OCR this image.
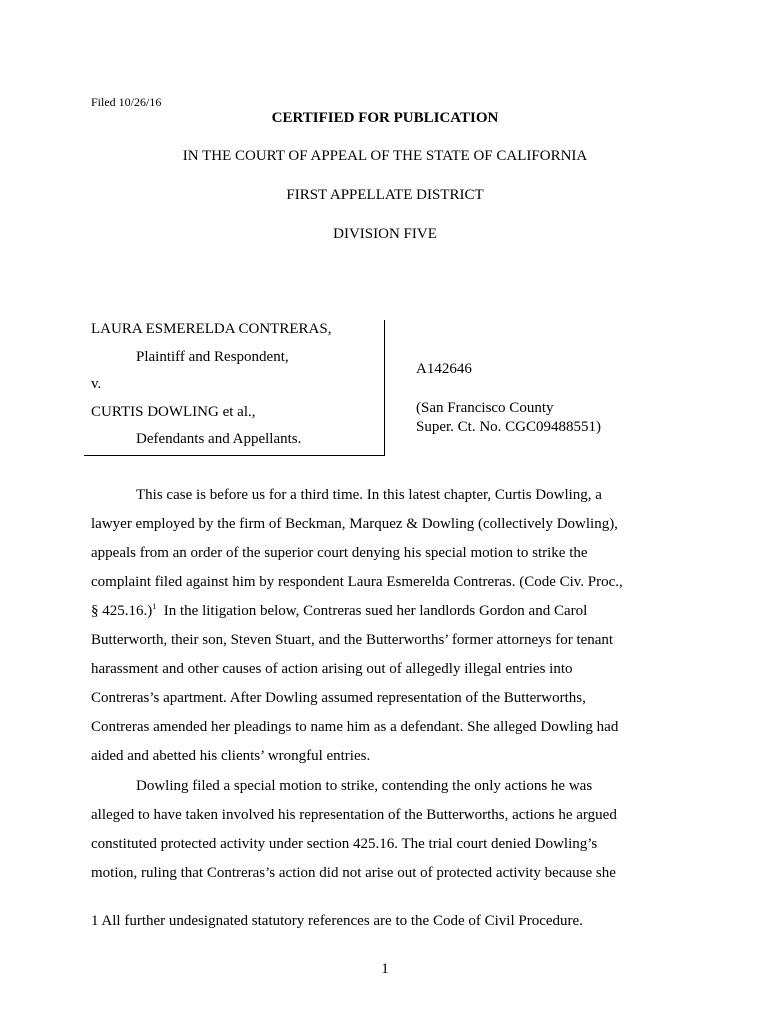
Filed 10/26/16
CERTIFIED FOR PUBLICATION
IN THE COURT OF APPEAL OF THE STATE OF CALIFORNIA
FIRST APPELLATE DISTRICT
DIVISION FIVE
LAURA ESMERELDA CONTRERAS,
Plaintiff and Respondent,
v.
CURTIS DOWLING et al.,
Defendants and Appellants.
A142646
(San Francisco County
Super. Ct. No. CGC09488551)
This case is before us for a third time. In this latest chapter, Curtis Dowling, a
lawyer employed by the firm of Beckman, Marquez & Dowling (collectively Dowling),
appeals from an order of the superior court denying his special motion to strike the
complaint filed against him by respondent Laura Esmerelda Contreras. (Code Civ. Proc.,
§ 425.16.)$^1$  In the litigation below, Contreras sued her landlords Gordon and Carol
Butterworth, their son, Steven Stuart, and the Butterworths’ former attorneys for tenant
harassment and other causes of action arising out of allegedly illegal entries into
Contreras’s apartment. After Dowling assumed representation of the Butterworths,
Contreras amended her pleadings to name him as a defendant. She alleged Dowling had
aided and abetted his clients’ wrongful entries.
Dowling filed a special motion to strike, contending the only actions he was
alleged to have taken involved his representation of the Butterworths, actions he argued
constituted protected activity under section 425.16. The trial court denied Dowling’s
motion, ruling that Contreras’s action did not arise out of protected activity because she
1 All further undesignated statutory references are to the Code of Civil Procedure.
1
